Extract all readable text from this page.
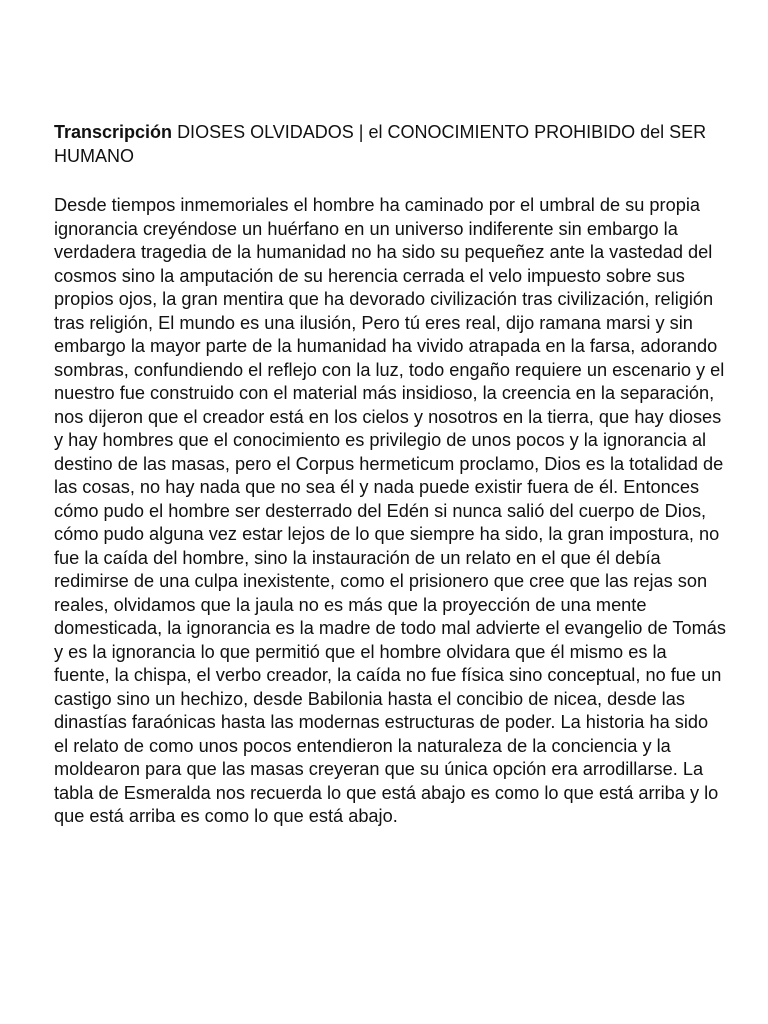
Transcripción DIOSES OLVIDADOS | el CONOCIMIENTO PROHIBIDO del SER HUMANO

Desde tiempos inmemoriales el hombre ha caminado por el umbral de su propia ignorancia creyéndose un huérfano en un universo indiferente sin embargo la verdadera tragedia de la humanidad no ha sido su pequeñez ante la vastedad del cosmos sino la amputación de su herencia cerrada el velo impuesto sobre sus propios ojos, la gran mentira que ha devorado civilización tras civilización, religión tras religión, El mundo es una ilusión, Pero tú eres real, dijo ramana marsi y sin embargo la mayor parte de la humanidad ha vivido atrapada en la farsa, adorando sombras, confundiendo el reflejo con la luz, todo engaño requiere un escenario y el nuestro fue construido con el material más insidioso, la creencia en la separación, nos dijeron que el creador está en los cielos y nosotros en la tierra, que hay dioses y hay hombres que el conocimiento es privilegio de unos pocos y la ignorancia al destino de las masas, pero el Corpus hermeticum proclamo, Dios es la totalidad de las cosas, no hay nada que no sea él y nada puede existir fuera de él. Entonces cómo pudo el hombre ser desterrado del Edén si nunca salió del cuerpo de Dios, cómo pudo alguna vez estar lejos de lo que siempre ha sido, la gran impostura, no fue la caída del hombre, sino la instauración de un relato en el que él debía redimirse de una culpa inexistente, como el prisionero que cree que las rejas son reales, olvidamos que la jaula no es más que la proyección de una mente domesticada, la ignorancia es la madre de todo mal advierte el evangelio de Tomás y es la ignorancia lo que permitió que el hombre olvidara que él mismo es la fuente, la chispa, el verbo creador, la caída no fue física sino conceptual, no fue un castigo sino un hechizo, desde Babilonia hasta el concibio de nicea, desde las dinastías faraónicas hasta las modernas estructuras de poder. La historia ha sido el relato de como unos pocos entendieron la naturaleza de la conciencia y la moldearon para que las masas creyeran que su única opción era arrodillarse. La tabla de Esmeralda nos recuerda lo que está abajo es como lo que está arriba y lo que está arriba es como lo que está abajo.
